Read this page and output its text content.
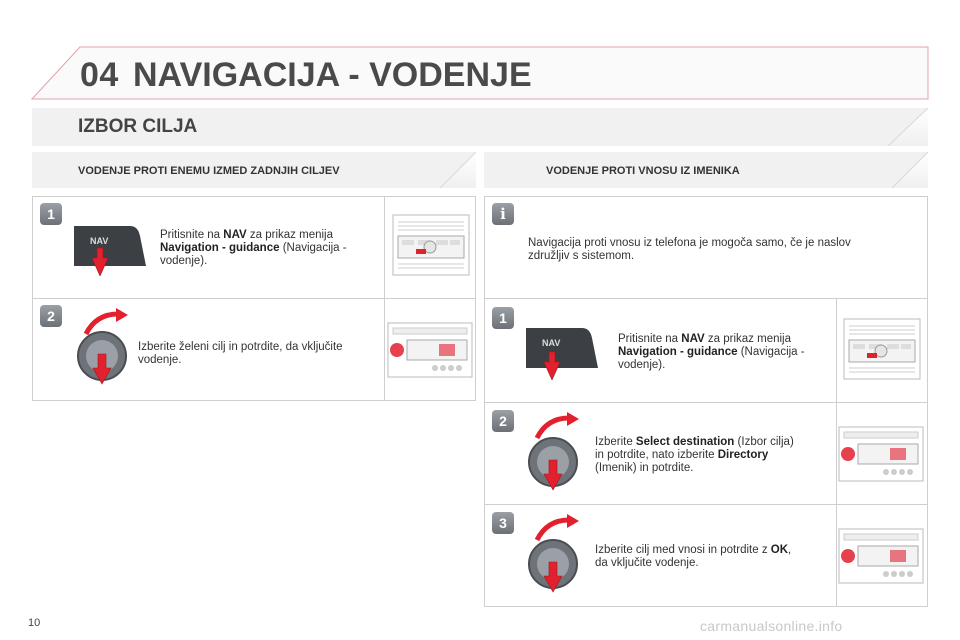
04 NAVIGACIJA - VODENJE
IZBOR CILJA
VODENJE PROTI ENEMU IZMED ZADNJIH CILJEV	VODENJE PROTI VNOSU IZ IMENIKA
1
NAV	Pritisnite na NAV za prikaz menija
Navigation - guidance (Navigacija -
vodenje).
2
Izberite želeni cilj in potrdite, da vključite
vodenje.
i
Navigacija proti vnosu iz telefona je mogoča samo, če je naslov
združljiv s sistemom.
1
NAV	Pritisnite na NAV za prikaz menija
Navigation - guidance (Navigacija -
vodenje).
2
Izberite Select destination (Izbor cilja)
in potrdite, nato izberite Directory
(Imenik) in potrdite.
3
Izberite cilj med vnosi in potrdite z OK,
da vključite vodenje.
10	carmanualsonline.info
